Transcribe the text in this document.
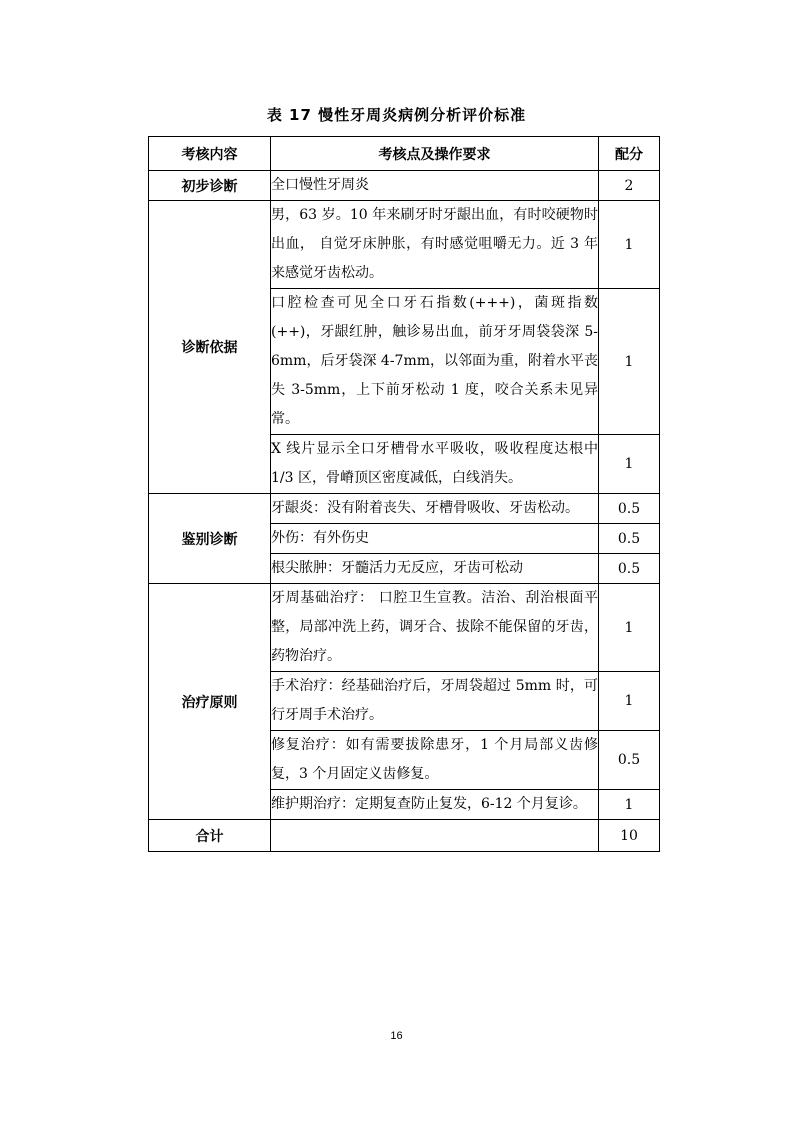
表 17 慢性牙周炎病例分析评价标准
考核内容	考核点及操作要求	配分
初步诊断	全口慢性牙周炎	2
诊断依据	男，63 岁。10 年来刷牙时牙龈出血，有时咬硬物时出血， 自觉牙床肿胀，有时感觉咀嚼无力。近 3 年来感觉牙齿松动。	1
	口腔检查可见全口牙石指数(+++)，菌斑指数(++)，牙龈红肿，触诊易出血，前牙牙周袋袋深 5-6mm，后牙袋深 4-7mm，以邻面为重，附着水平丧失 3-5mm，上下前牙松动 1 度，咬合关系未见异常。	1
	X 线片显示全口牙槽骨水平吸收，吸收程度达根中 1/3 区，骨嵴顶区密度减低，白线消失。	1
鉴别诊断	牙龈炎：没有附着丧失、牙槽骨吸收、牙齿松动。	0.5
	外伤：有外伤史	0.5
	根尖脓肿：牙髓活力无反应，牙齿可松动	0.5
治疗原则	牙周基础治疗： 口腔卫生宣教。洁治、刮治根面平整，局部冲洗上药，调牙合、拔除不能保留的牙齿，药物治疗。	1
	手术治疗：经基础治疗后，牙周袋超过 5mm 时，可行牙周手术治疗。	1
	修复治疗：如有需要拔除患牙，1 个月局部义齿修复，3 个月固定义齿修复。	0.5
	维护期治疗：定期复查防止复发，6-12 个月复诊。	1
合计		10
16
